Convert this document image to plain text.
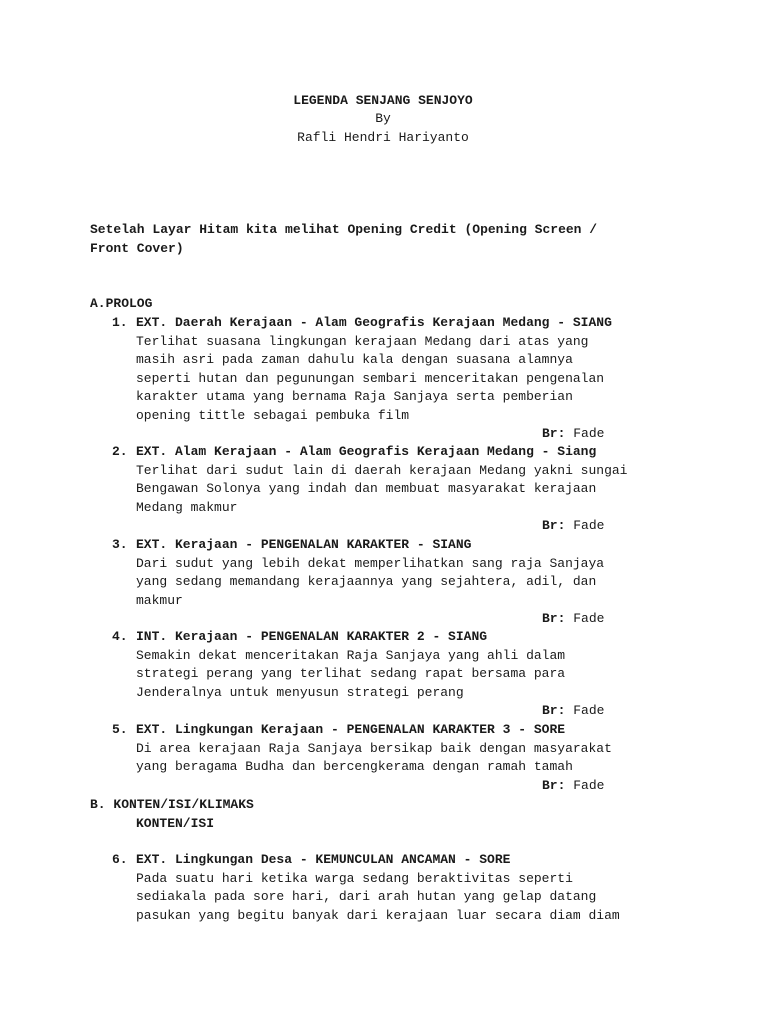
LEGENDA SENJANG SENJOYO
By
Rafli Hendri Hariyanto
Setelah Layar Hitam kita melihat Opening Credit (Opening Screen /
Front Cover)
A.PROLOG
1. EXT. Daerah Kerajaan - Alam Geografis Kerajaan Medang - SIANG
Terlihat suasana lingkungan kerajaan Medang dari atas yang
masih asri pada zaman dahulu kala dengan suasana alamnya
seperti hutan dan pegunungan sembari menceritakan pengenalan
karakter utama yang bernama Raja Sanjaya serta pemberian
opening tittle sebagai pembuka film
Br: Fade
2. EXT. Alam Kerajaan - Alam Geografis Kerajaan Medang - Siang
Terlihat dari sudut lain di daerah kerajaan Medang yakni sungai
Bengawan Solonya yang indah dan membuat masyarakat kerajaan
Medang makmur
Br: Fade
3. EXT. Kerajaan - PENGENALAN KARAKTER - SIANG
Dari sudut yang lebih dekat memperlihatkan sang raja Sanjaya
yang sedang memandang kerajaannya yang sejahtera, adil, dan
makmur
Br: Fade
4. INT. Kerajaan - PENGENALAN KARAKTER 2 - SIANG
Semakin dekat menceritakan Raja Sanjaya yang ahli dalam
strategi perang yang terlihat sedang rapat bersama para
Jenderalnya untuk menyusun strategi perang
Br: Fade
5. EXT. Lingkungan Kerajaan - PENGENALAN KARAKTER 3 - SORE
Di area kerajaan Raja Sanjaya bersikap baik dengan masyarakat
yang beragama Budha dan bercengkerama dengan ramah tamah
Br: Fade
B. KONTEN/ISI/KLIMAKS
KONTEN/ISI
6. EXT. Lingkungan Desa - KEMUNCULAN ANCAMAN - SORE
Pada suatu hari ketika warga sedang beraktivitas seperti
sediakala pada sore hari, dari arah hutan yang gelap datang
pasukan yang begitu banyak dari kerajaan luar secara diam diam
